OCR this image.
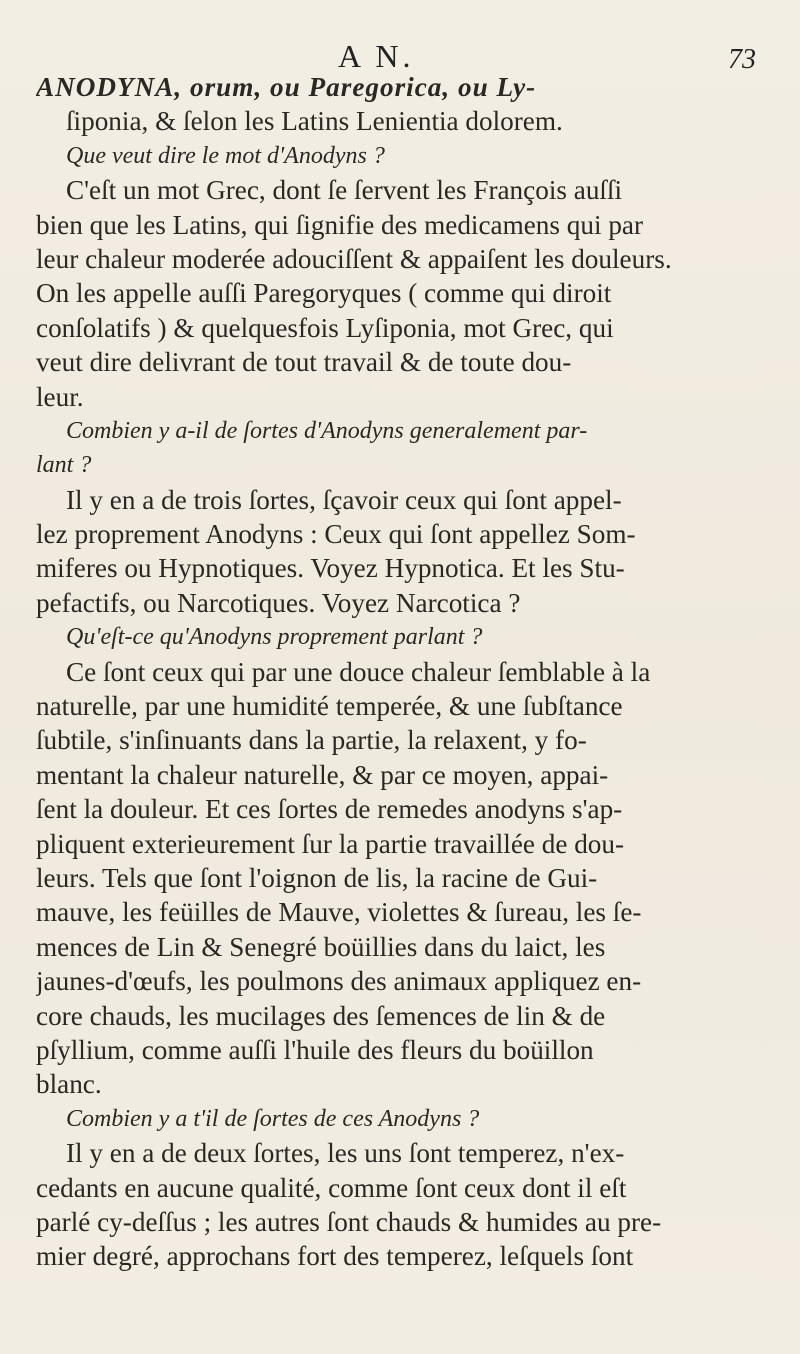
A N.	73
ANODYNA, orum, ou Paregorica, ou Ly-
ſiponia, & ſelon les Latins Lenientia dolorem.
Que veut dire le mot d'Anodyns ?
C'eſt un mot Grec, dont ſe ſervent les François auſſi
bien que les Latins, qui ſignifie des medicamens qui par
leur chaleur moderée adouciſſent & appaiſent les douleurs.
On les appelle auſſi Paregoryques ( comme qui diroit
conſolatifs ) & quelquesfois Lyſiponia, mot Grec, qui
veut dire delivrant de tout travail & de toute dou-
leur.
Combien y a-il de ſortes d'Anodyns generalement par-
lant ?
Il y en a de trois ſortes, ſçavoir ceux qui ſont appel-
lez proprement Anodyns : Ceux qui ſont appellez Som-
miferes ou Hypnotiques. Voyez Hypnotica. Et les Stu-
pefactifs, ou Narcotiques. Voyez Narcotica ?
Qu'eſt-ce qu'Anodyns proprement parlant ?
Ce ſont ceux qui par une douce chaleur ſemblable à la
naturelle, par une humidité temperée, & une ſubſtance
ſubtile, s'inſinuants dans la partie, la relaxent, y fo-
mentant la chaleur naturelle, & par ce moyen, appai-
ſent la douleur. Et ces ſortes de remedes anodyns s'ap-
pliquent exterieurement ſur la partie travaillée de dou-
leurs. Tels que ſont l'oignon de lis, la racine de Gui-
mauve, les feüilles de Mauve, violettes & ſureau, les ſe-
mences de Lin & Senegré boüillies dans du laict, les
jaunes-d'œufs, les poulmons des animaux appliquez en-
core chauds, les mucilages des ſemences de lin & de
pſyllium, comme auſſi l'huile des fleurs du boüillon
blanc.
Combien y a t'il de ſortes de ces Anodyns ?
Il y en a de deux ſortes, les uns ſont temperez, n'ex-
cedants en aucune qualité, comme ſont ceux dont il eſt
parlé cy-deſſus ; les autres ſont chauds & humides au pre-
mier degré, approchans fort des temperez, leſquels ſont
